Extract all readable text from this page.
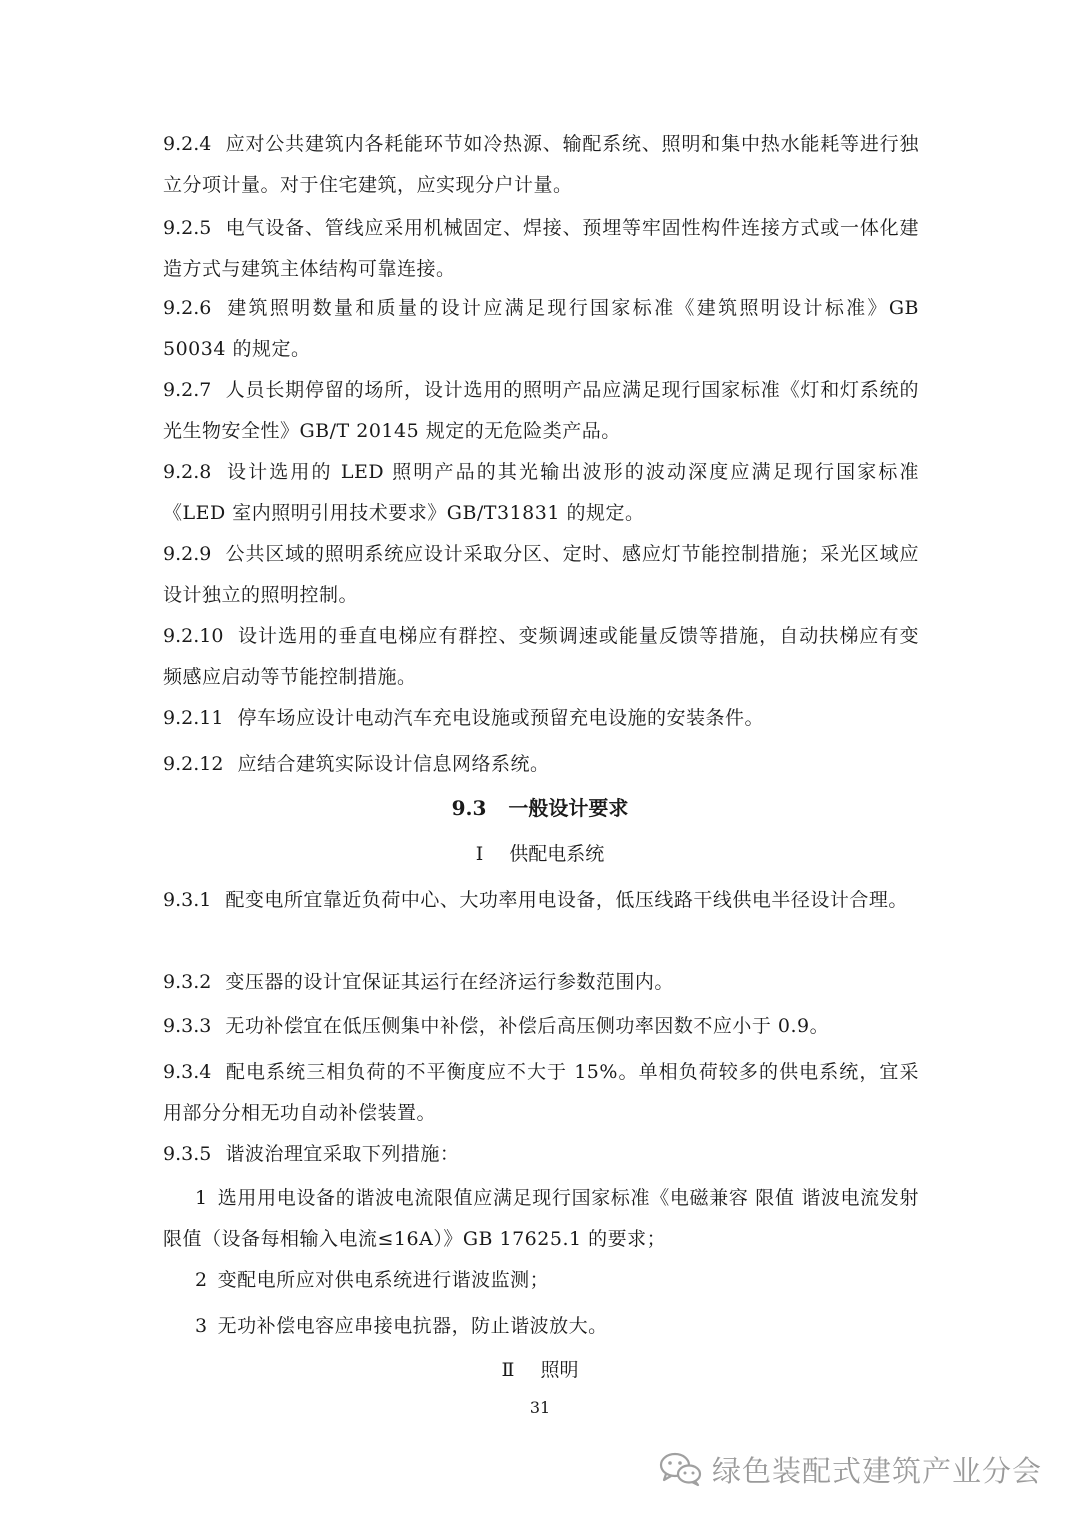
9.2.4 应对公共建筑内各耗能环节如冷热源、输配系统、照明和集中热水能耗等进行独立分项计量。对于住宅建筑，应实现分户计量。
9.2.5 电气设备、管线应采用机械固定、焊接、预埋等牢固性构件连接方式或一体化建造方式与建筑主体结构可靠连接。
9.2.6 建筑照明数量和质量的设计应满足现行国家标准《建筑照明设计标准》GB 50034 的规定。
9.2.7 人员长期停留的场所，设计选用的照明产品应满足现行国家标准《灯和灯系统的光生物安全性》GB/T 20145 规定的无危险类产品。
9.2.8 设计选用的 LED 照明产品的其光输出波形的波动深度应满足现行国家标准《LED 室内照明引用技术要求》GB/T31831 的规定。
9.2.9 公共区域的照明系统应设计采取分区、定时、感应灯节能控制措施；采光区域应设计独立的照明控制。
9.2.10 设计选用的垂直电梯应有群控、变频调速或能量反馈等措施，自动扶梯应有变频感应启动等节能控制措施。
9.2.11 停车场应设计电动汽车充电设施或预留充电设施的安装条件。
9.2.12 应结合建筑实际设计信息网络系统。
9.3 一般设计要求
Ⅰ 供配电系统
9.3.1 配变电所宜靠近负荷中心、大功率用电设备，低压线路干线供电半径设计合理。
9.3.2 变压器的设计宜保证其运行在经济运行参数范围内。
9.3.3 无功补偿宜在低压侧集中补偿，补偿后高压侧功率因数不应小于 0.9。
9.3.4 配电系统三相负荷的不平衡度应不大于 15%。单相负荷较多的供电系统，宜采用部分分相无功自动补偿装置。
9.3.5 谐波治理宜采取下列措施：
1 选用用电设备的谐波电流限值应满足现行国家标准《电磁兼容 限值 谐波电流发射限值（设备每相输入电流≤16A）》GB 17625.1 的要求；
2 变配电所应对供电系统进行谐波监测；
3 无功补偿电容应串接电抗器，防止谐波放大。
Ⅱ 照明
31
绿色装配式建筑产业分会
